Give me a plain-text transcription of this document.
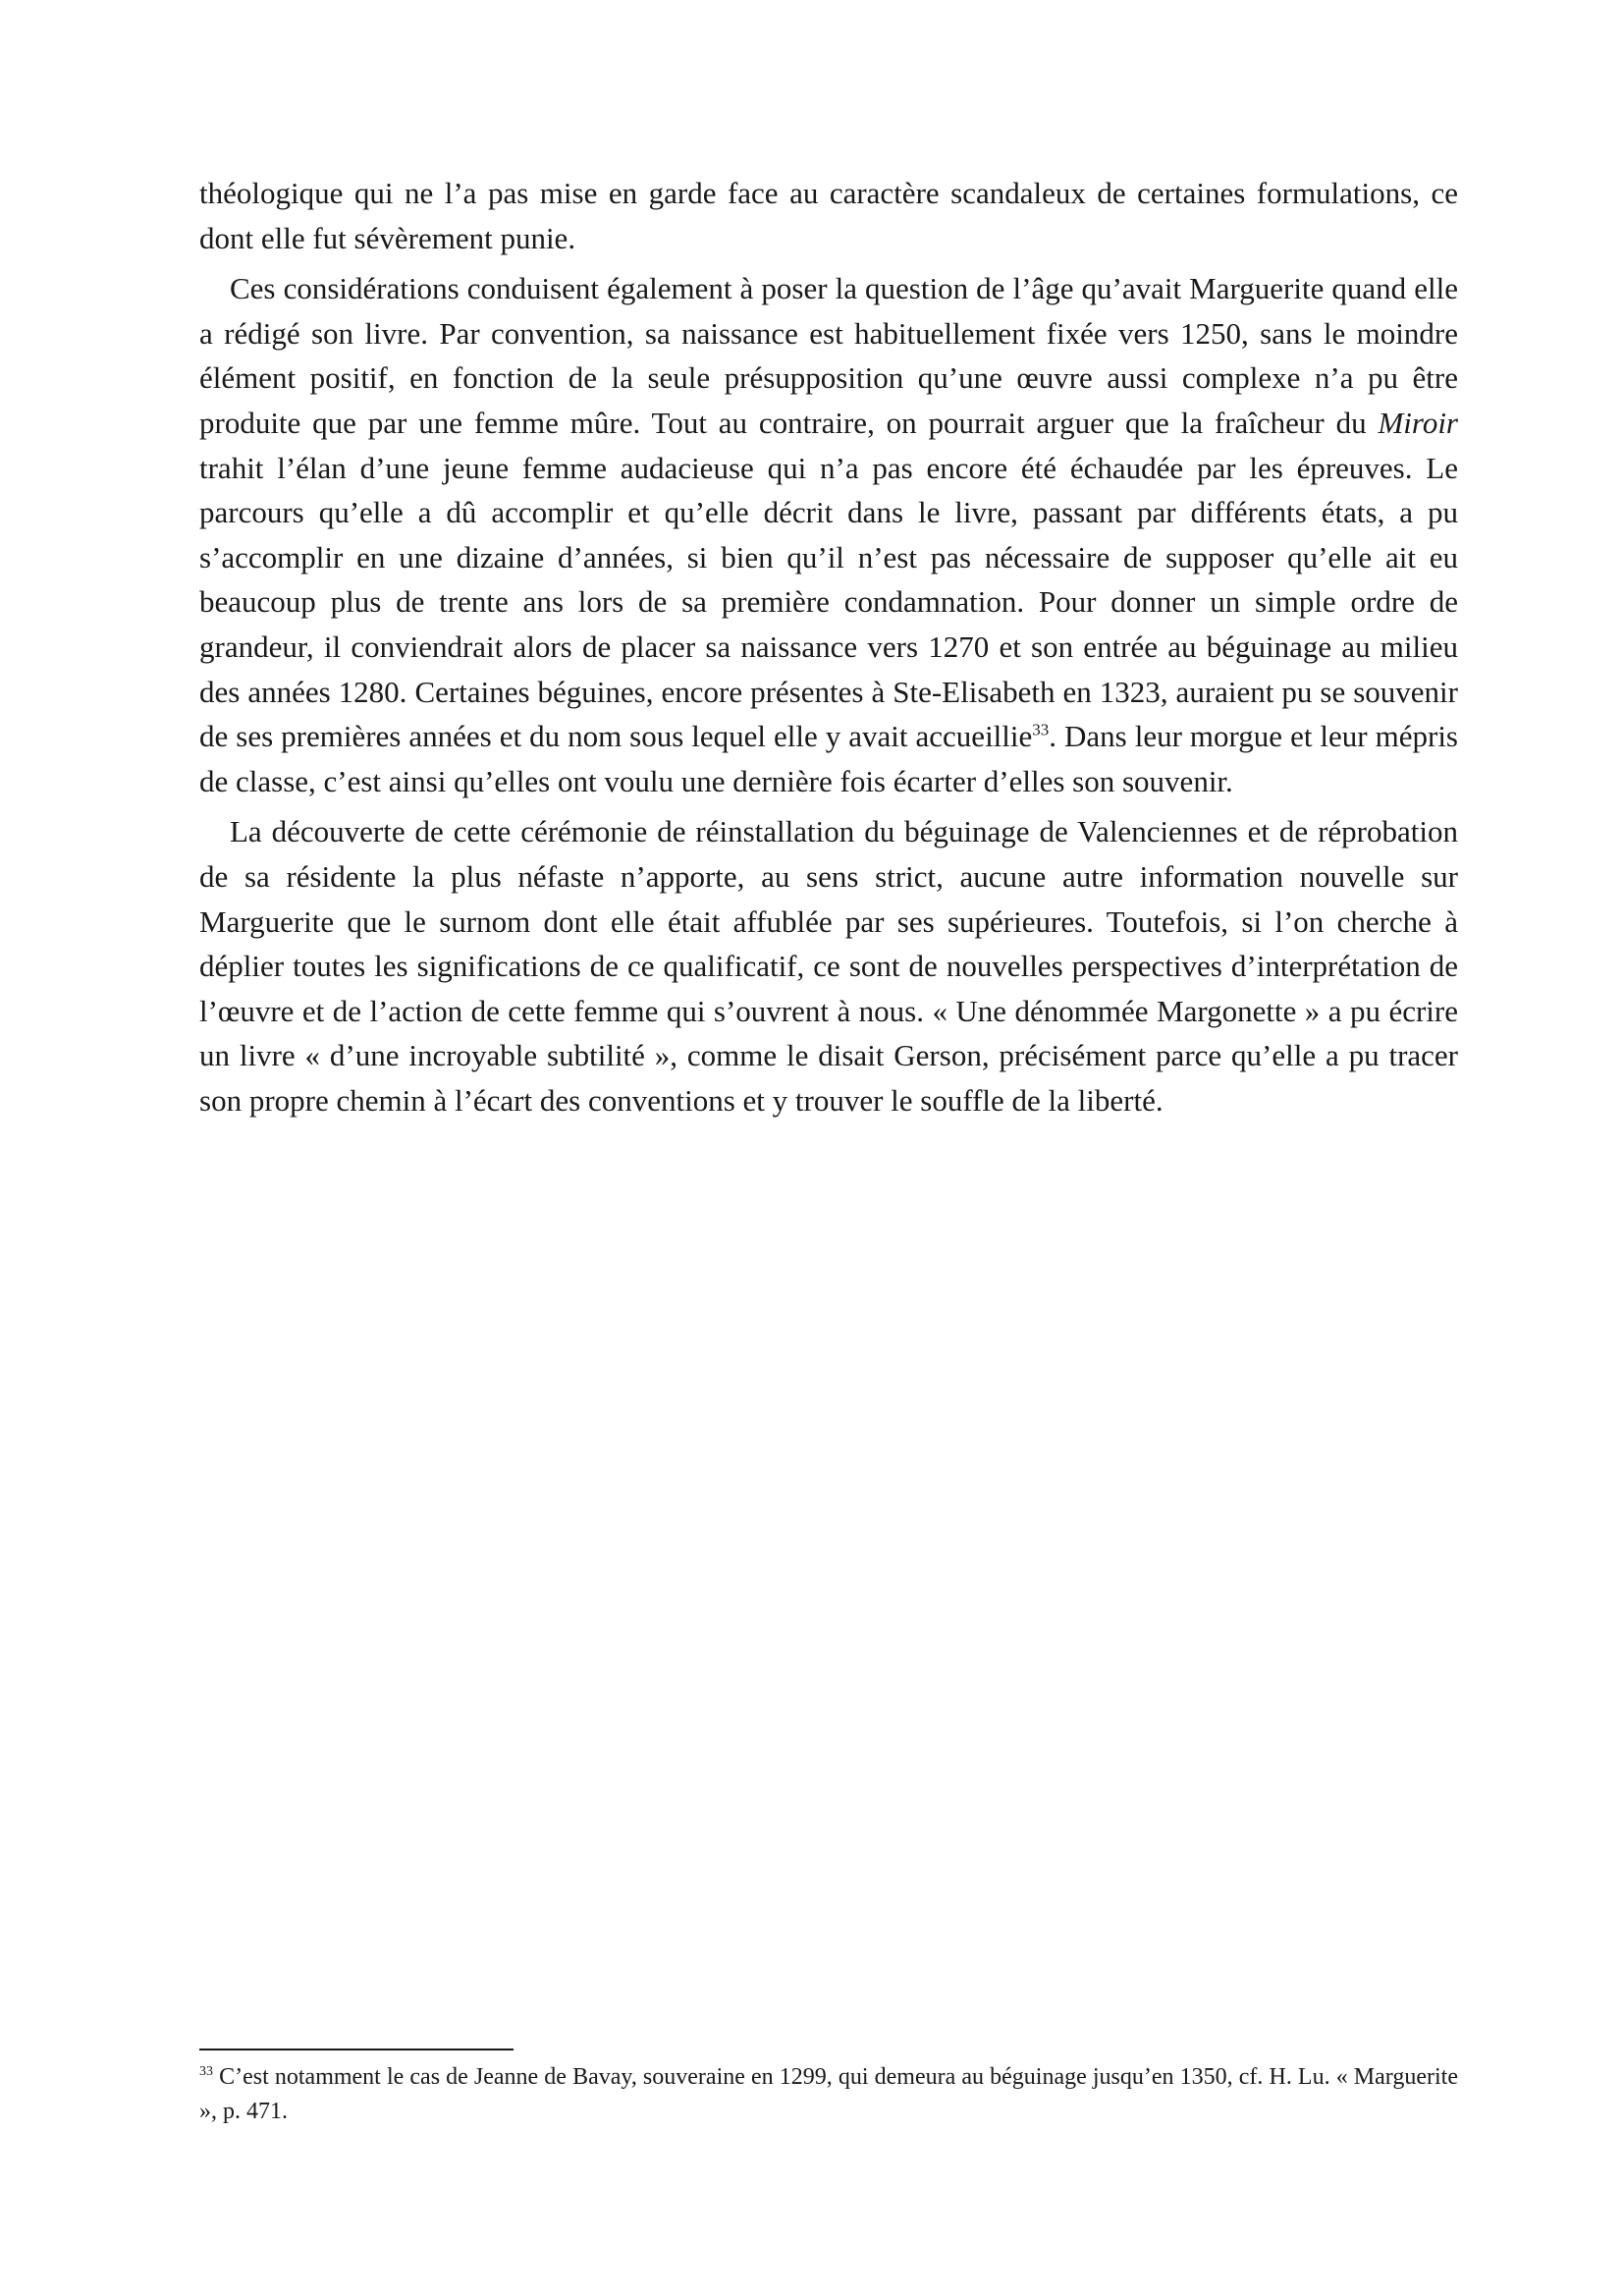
théologique qui ne l’a pas mise en garde face au caractère scandaleux de certaines formulations, ce dont elle fut sévèrement punie.

Ces considérations conduisent également à poser la question de l’âge qu’avait Marguerite quand elle a rédigé son livre. Par convention, sa naissance est habituellement fixée vers 1250, sans le moindre élément positif, en fonction de la seule présupposition qu’une œuvre aussi complexe n’a pu être produite que par une femme mûre. Tout au contraire, on pourrait arguer que la fraîcheur du Miroir trahit l’élan d’une jeune femme audacieuse qui n’a pas encore été échaudée par les épreuves. Le parcours qu’elle a dû accomplir et qu’elle décrit dans le livre, passant par différents états, a pu s’accomplir en une dizaine d’années, si bien qu’il n’est pas nécessaire de supposer qu’elle ait eu beaucoup plus de trente ans lors de sa première condamnation. Pour donner un simple ordre de grandeur, il conviendrait alors de placer sa naissance vers 1270 et son entrée au béguinage au milieu des années 1280. Certaines béguines, encore présentes à Ste-Elisabeth en 1323, auraient pu se souvenir de ses premières années et du nom sous lequel elle y avait accueillie$^{33}$. Dans leur morgue et leur mépris de classe, c’est ainsi qu’elles ont voulu une dernière fois écarter d’elles son souvenir.

La découverte de cette cérémonie de réinstallation du béguinage de Valenciennes et de réprobation de sa résidente la plus néfaste n’apporte, au sens strict, aucune autre information nouvelle sur Marguerite que le surnom dont elle était affublée par ses supérieures. Toutefois, si l’on cherche à déplier toutes les significations de ce qualificatif, ce sont de nouvelles perspectives d’interprétation de l’œuvre et de l’action de cette femme qui s’ouvrent à nous. « Une dénommée Margonette » a pu écrire un livre « d’une incroyable subtilité », comme le disait Gerson, précisément parce qu’elle a pu tracer son propre chemin à l’écart des conventions et y trouver le souffle de la liberté.

$^{33}$ C’est notamment le cas de Jeanne de Bavay, souveraine en 1299, qui demeura au béguinage jusqu’en 1350, cf. H. Lu. « Marguerite », p. 471.
